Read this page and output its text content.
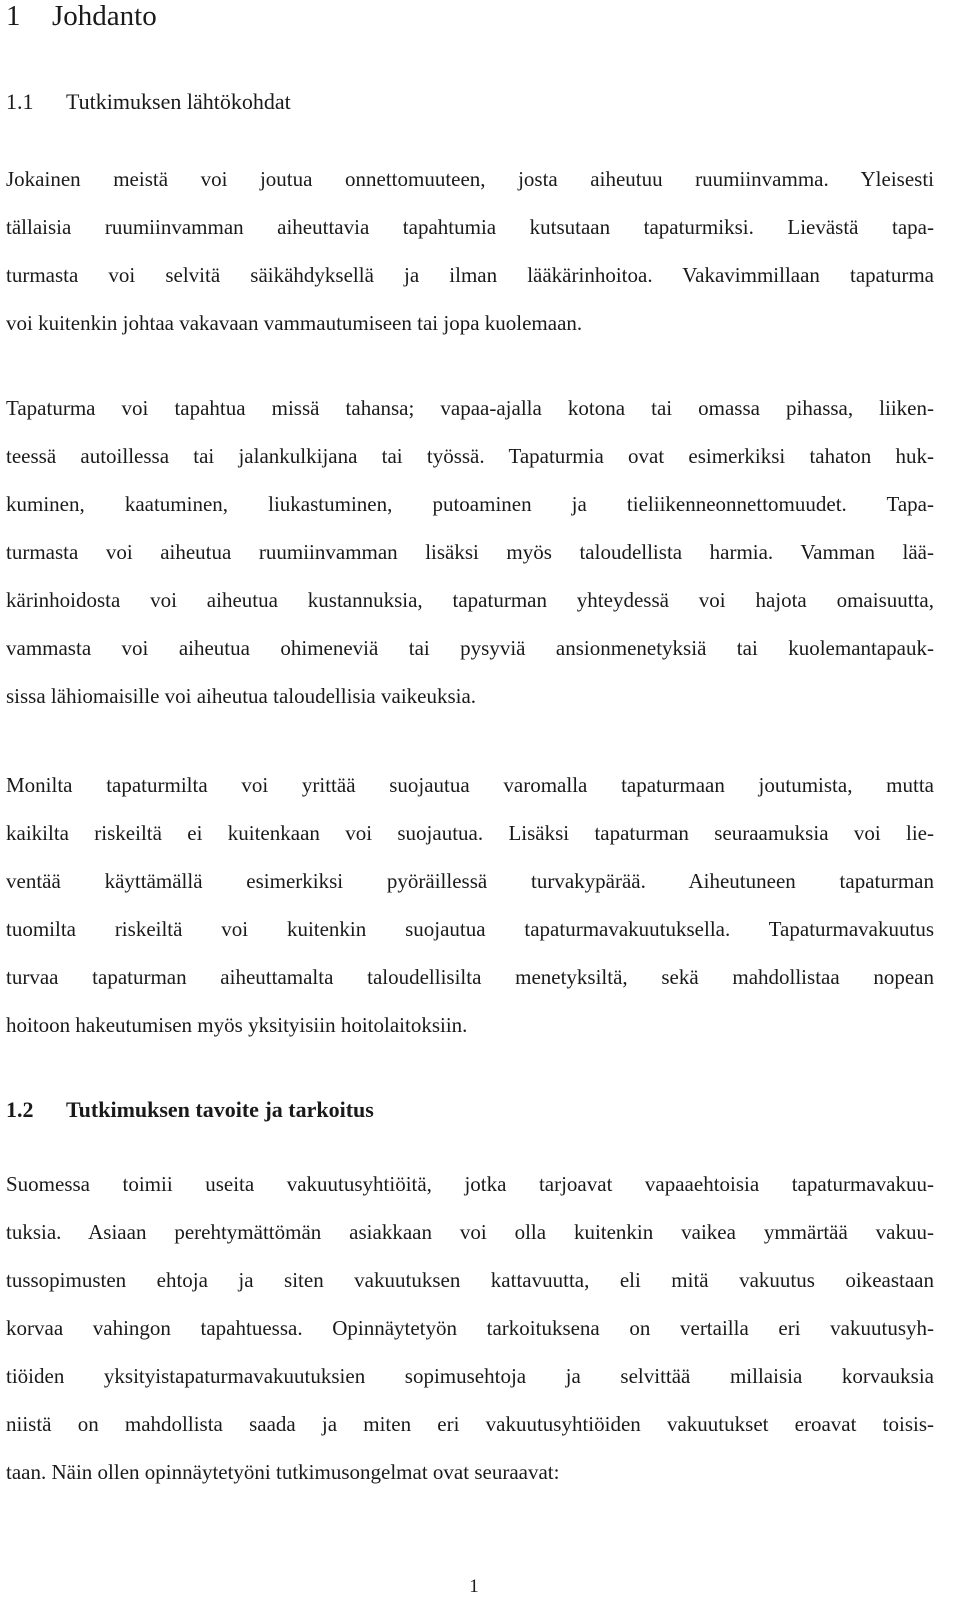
1 Johdanto
1.1 Tutkimuksen lähtökohdat
Jokainen meistä voi joutua onnettomuuteen, josta aiheutuu ruumiinvamma. Yleisesti
tällaisia ruumiinvamman aiheuttavia tapahtumia kutsutaan tapaturmiksi. Lievästä tapa-
turmasta voi selvitä säikähdyksellä ja ilman lääkärinhoitoa. Vakavimmillaan tapaturma
voi kuitenkin johtaa vakavaan vammautumiseen tai jopa kuolemaan.
Tapaturma voi tapahtua missä tahansa; vapaa-ajalla kotona tai omassa pihassa, liiken-
teessä autoillessa tai jalankulkijana tai työssä. Tapaturmia ovat esimerkiksi tahaton huk-
kuminen, kaatuminen, liukastuminen, putoaminen ja tieliikenneonnettomuudet. Tapa-
turmasta voi aiheutua ruumiinvamman lisäksi myös taloudellista harmia. Vamman lää-
kärinhoidosta voi aiheutua kustannuksia, tapaturman yhteydessä voi hajota omaisuutta,
vammasta voi aiheutua ohimeneviä tai pysyviä ansionmenetyksiä tai kuolemantapauk-
sissa lähiomaisille voi aiheutua taloudellisia vaikeuksia.
Monilta tapaturmilta voi yrittää suojautua varomalla tapaturmaan joutumista, mutta
kaikilta riskeiltä ei kuitenkaan voi suojautua. Lisäksi tapaturman seuraamuksia voi lie-
ventää käyttämällä esimerkiksi pyöräillessä turvakypärää. Aiheutuneen tapaturman
tuomilta riskeiltä voi kuitenkin suojautua tapaturmavakuutuksella. Tapaturmavakuutus
turvaa tapaturman aiheuttamalta taloudellisilta menetyksiltä, sekä mahdollistaa nopean
hoitoon hakeutumisen myös yksityisiin hoitolaitoksiin.
1.2 Tutkimuksen tavoite ja tarkoitus
Suomessa toimii useita vakuutusyhtiöitä, jotka tarjoavat vapaaehtoisia tapaturmavakuu-
tuksia. Asiaan perehtymättömän asiakkaan voi olla kuitenkin vaikea ymmärtää vakuu-
tussopimusten ehtoja ja siten vakuutuksen kattavuutta, eli mitä vakuutus oikeastaan
korvaa vahingon tapahtuessa. Opinnäytetyön tarkoituksena on vertailla eri vakuutusyh-
tiöiden yksityistapaturmavakuutuksien sopimusehtoja ja selvittää millaisia korvauksia
niistä on mahdollista saada ja miten eri vakuutusyhtiöiden vakuutukset eroavat toisis-
taan. Näin ollen opinnäytetyöni tutkimusongelmat ovat seuraavat:
1
